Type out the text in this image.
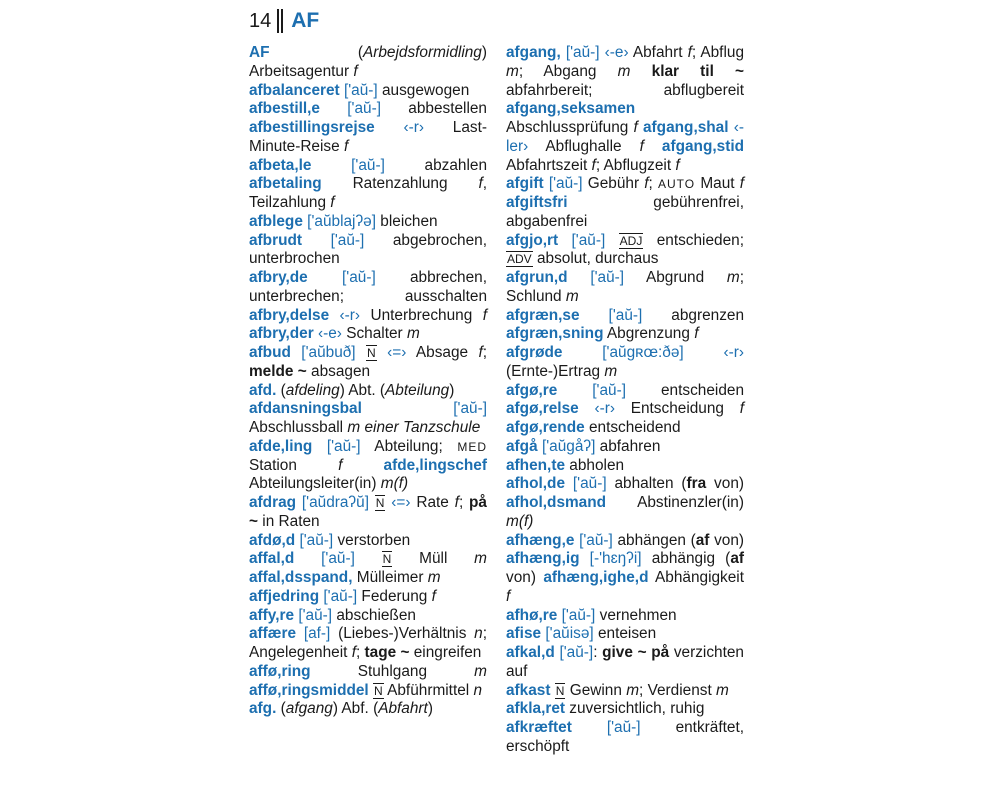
14 AF
AF (Arbejdsformidling) Arbeitsagentur f
afbalanceret ['aŭ-] ausgewogen
afbestill,e ['aŭ-] abbestellen afbestillingsrejse ‹-r› Last-Minute-Reise f
afbeta,le	['aŭ-] abzahlen afbetaling Ratenzahlung f, Teilzahlung f
afblege ['aŭblajʔə] bleichen
afbrudt ['aŭ-] abgebrochen, unterbrochen
afbry,de ['aŭ-] abbrechen, unterbrechen; ausschalten afbry,delse ‹-r› Unterbrechung f afbry,der ‹-e› Schalter m
afbud ['aŭbuð] N ‹=› Absage f; melde ~ absagen
afd. (afdeling) Abt. (Abteilung)
afdansningsbal	['aŭ-] Abschlussball m einer Tanzschule
afde,ling ['aŭ-] Abteilung; MED Station f	afde,lingschef Abteilungsleiter(in) m(f)
afdrag ['aŭdraʔŭ] N ‹=› Rate f; på ~ in Raten
afdø,d ['aŭ-] verstorben
affal,d ['aŭ-] N Müll m affal,dsspand, Mülleimer m
affjedring ['aŭ-] Federung f
affy,re ['aŭ-] abschießen
affære [af-] (Liebes-)Verhältnis n; Angelegenheit f; tage ~ eingreifen
affø,ring Stuhlgang m affø,ringsmiddel N Abführmittel n
afg. (afgang) Abf. (Abfahrt)
afgang, ['aŭ-] ‹-e› Abfahrt f; Abflug m; Abgang m klar til ~ abfahrbereit; abflugbereit afgang,seksamen Abschlussprüfung f afgang,shal ‹-ler› Abflughalle f afgang,stid Abfahrtszeit f; Abflugzeit f
afgift ['aŭ-] Gebühr f; AUTO Maut f afgiftsfri gebührenfrei, abgabenfrei
afgjo,rt ['aŭ-] ADJ entschieden; ADV absolut, durchaus
afgrun,d ['aŭ-] Abgrund m; Schlund m
afgræn,se ['aŭ-] abgrenzen afgræn,sning Abgrenzung f
afgrøde	['aŭgʀœ:ðə]	‹-r› (Ernte-)Ertrag m
afgø,re ['aŭ-] entscheiden afgø,relse ‹-r› Entscheidung f afgø,rende entscheidend
afgå ['aŭgåʔ] abfahren
afhen,te abholen
afhol,de ['aŭ-] abhalten (fra von) afhol,dsmand Abstinenzler(in) m(f)
afhæng,e ['aŭ-] abhängen (af von) afhæng,ig [-'hɛŋʔi] abhängig (af von) afhæng,ighe,d Abhängigkeit f
afhø,re ['aŭ-] vernehmen
afise ['aŭisə] enteisen
afkal,d ['aŭ-]: give ~ på verzichten auf
afkast N Gewinn m; Verdienst m
afkla,ret zuversichtlich, ruhig
afkræftet ['aŭ-] entkräftet, erschöpft
